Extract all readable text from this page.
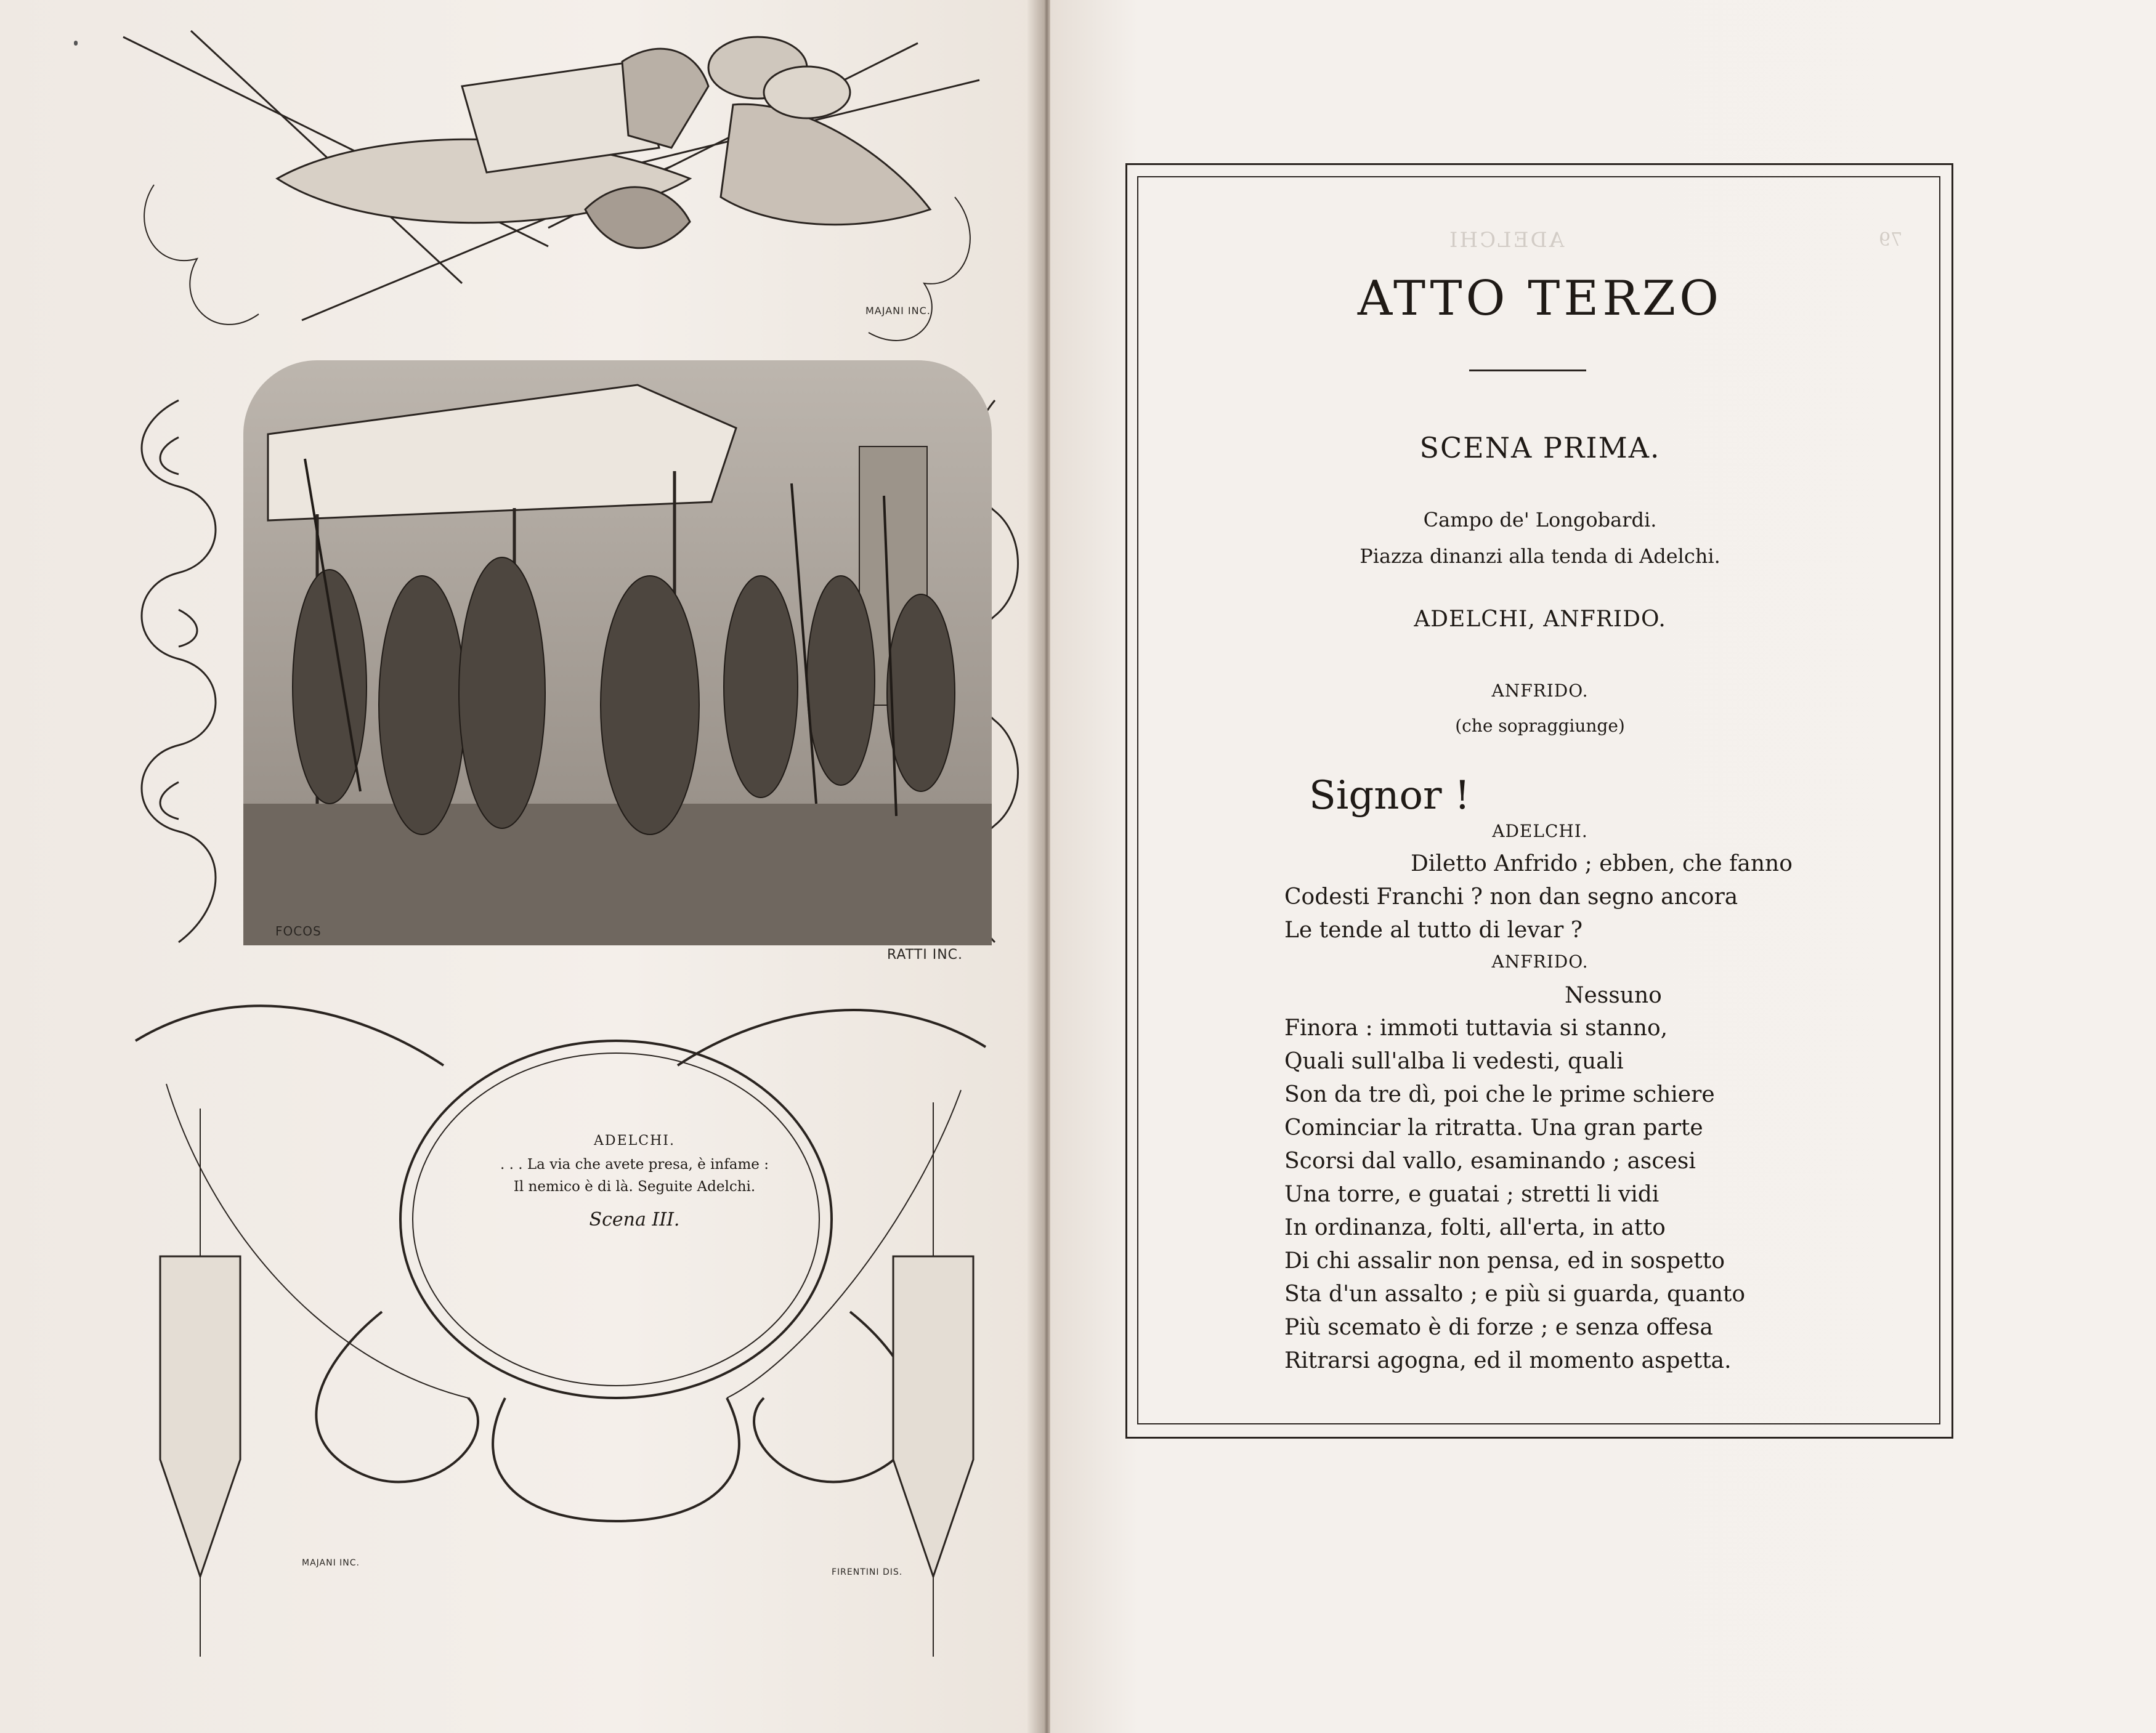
MAJANI INC.
FOCOS
RATTI INC.
ADELCHI.
. . . La via che avete presa, è infame :
Il nemico è di là. Seguite Adelchi.
Scena III.
MAJANI INC.
FIRENTINI DIS.
ADELCHI	79
ATTO TERZO
SCENA PRIMA.
Campo de' Longobardi.
Piazza dinanzi alla tenda di Adelchi.
ADELCHI, ANFRIDO.
ANFRIDO.
(che sopraggiunge)
Signor !
ADELCHI.
Diletto Anfrido ; ebben, che fanno
Codesti Franchi ? non dan segno ancora
Le tende al tutto di levar ?
ANFRIDO.
Nessuno
Finora : immoti tuttavia si stanno,
Quali sull'alba li vedesti, quali
Son da tre dì, poi che le prime schiere
Cominciar la ritratta. Una gran parte
Scorsi dal vallo, esaminando ; ascesi
Una torre, e guatai ; stretti li vidi
In ordinanza, folti, all'erta, in atto
Di chi assalir non pensa, ed in sospetto
Sta d'un assalto ; e più si guarda, quanto
Più scemato è di forze ; e senza offesa
Ritrarsi agogna, ed il momento aspetta.
